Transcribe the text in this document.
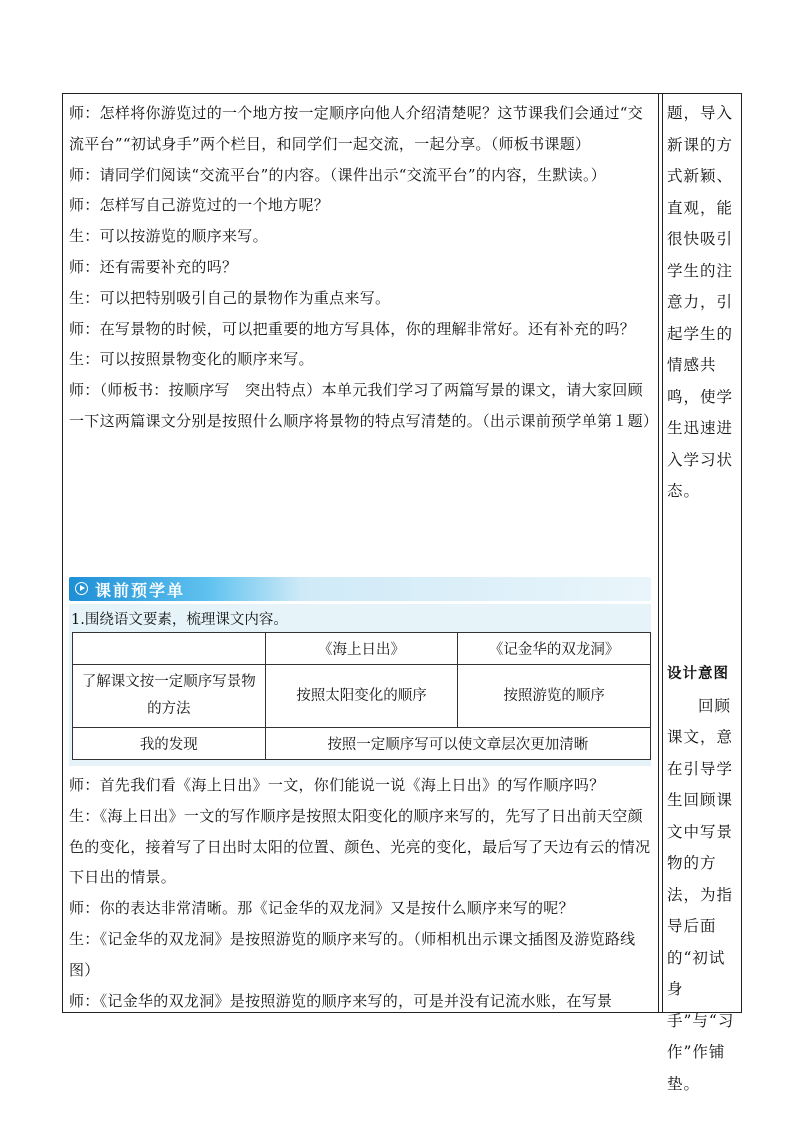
师：怎样将你游览过的一个地方按一定顺序向他人介绍清楚呢？这节课我们会通过“交流平台”“初试身手”两个栏目，和同学们一起交流，一起分享。（师板书课题）

师：请同学们阅读“交流平台”的内容。（课件出示“交流平台”的内容，生默读。）

师：怎样写自己游览过的一个地方呢？

生：可以按游览的顺序来写。

师：还有需要补充的吗？

生：可以把特别吸引自己的景物作为重点来写。

师：在写景物的时候，可以把重要的地方写具体，你的理解非常好。还有补充的吗？

生：可以按照景物变化的顺序来写。

师：（师板书：按顺序写　突出特点）本单元我们学习了两篇写景的课文，请大家回顾一下这两篇课文分别是按照什么顺序将景物的特点写清楚的。（出示课前预学单第１题）

课前预学单
1.围绕语文要素，梳理课文内容。
	《海上日出》	《记金华的双龙洞》
了解课文按一定顺序写景物的方法	按照太阳变化的顺序	按照游览的顺序
我的发现	按照一定顺序写可以使文章层次更加清晰	

师：首先我们看《海上日出》一文，你们能说一说《海上日出》的写作顺序吗？

生：《海上日出》一文的写作顺序是按照太阳变化的顺序来写的，先写了日出前天空颜色的变化，接着写了日出时太阳的位置、颜色、光亮的变化，最后写了天边有云的情况下日出的情景。

师：你的表达非常清晰。那《记金华的双龙洞》又是按什么顺序来写的呢？

生：《记金华的双龙洞》是按照游览的顺序来写的。（师相机出示课文插图及游览路线图）

师：《记金华的双龙洞》是按照游览的顺序来写的，可是并没有记流水账，在写景

题，导入新课的方式新颖、直观，能很快吸引学生的注意力，引起学生的情感共鸣，使学生迅速进入学习状态。
设计意图
回顾课文，意在引导学生回顾课文中写景物的方法，为指导后面的“初试身手”与“习作”作铺垫。
